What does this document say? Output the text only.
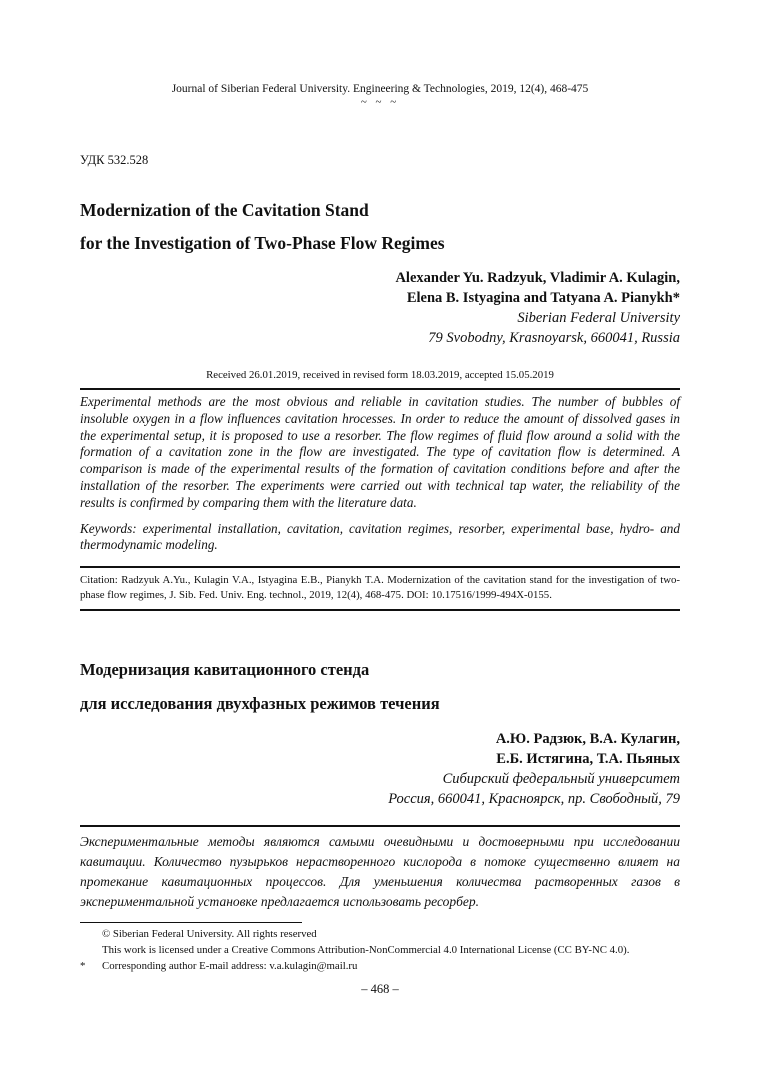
Journal of Siberian Federal University. Engineering & Technologies, 2019, 12(4), 468-475
~ ~ ~
УДК 532.528
Modernization of the Cavitation Stand
for the Investigation of Two-Phase Flow Regimes
Alexander Yu. Radzyuk, Vladimir A. Kulagin,
Elena B. Istyagina and Tatyana A. Pianykh*
Siberian Federal University
79 Svobodny, Krasnoyarsk, 660041, Russia
Received 26.01.2019, received in revised form 18.03.2019, accepted 15.05.2019
Experimental methods are the most obvious and reliable in cavitation studies. The number of bubbles of insoluble oxygen in a flow influences cavitation hrocesses. In order to reduce the amount of dissolved gases in the experimental setup, it is proposed to use a resorber. The flow regimes of fluid flow around a solid with the formation of a cavitation zone in the flow are investigated. The type of cavitation flow is determined. A comparison is made of the experimental results of the formation of cavitation conditions before and after the installation of the resorber. The experiments were carried out with technical tap water, the reliability of the results is confirmed by comparing them with the literature data.
Keywords: experimental installation, cavitation, cavitation regimes, resorber, experimental base, hydro- and thermodynamic modeling.
Citation: Radzyuk A.Yu., Kulagin V.A., Istyagina E.B., Pianykh T.A. Modernization of the cavitation stand for the investigation of two-phase flow regimes, J. Sib. Fed. Univ. Eng. technol., 2019, 12(4), 468-475. DOI: 10.17516/1999-494X-0155.
Модернизация кавитационного стенда
для исследования двухфазных режимов течения
А.Ю. Радзюк, В.А. Кулагин,
Е.Б. Истягина, Т.А. Пьяных
Сибирский федеральный университет
Россия, 660041, Красноярск, пр. Свободный, 79
Экспериментальные методы являются самыми очевидными и достоверными при исследовании кавитации. Количество пузырьков нерастворенного кислорода в потоке существенно влияет на протекание кавитационных процессов. Для уменьшения количества растворенных газов в экспериментальной установке предлагается использовать ресорбер.
*
© Siberian Federal University. All rights reserved
This work is licensed under a Creative Commons Attribution-NonCommercial 4.0 International License (CC BY-NC 4.0).
Corresponding author E-mail address: v.a.kulagin@mail.ru
– 468 –
